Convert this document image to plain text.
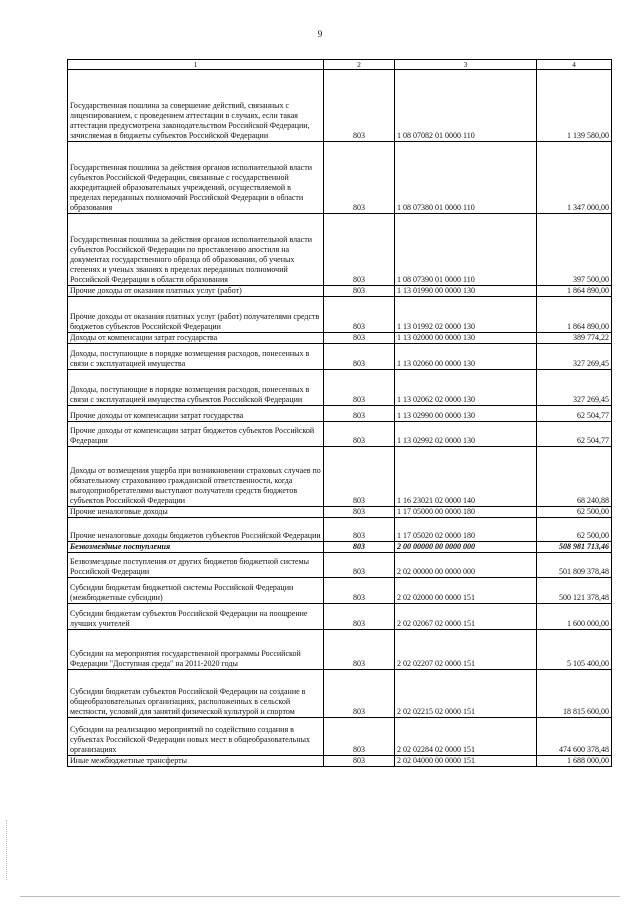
9
1	2	3	4
Государственная пошлина за совершение действий, связанных с лицензированием, с проведением аттестации в случаях, если такая аттестация предусмотрена законодательством Российской Федерации, зачисляемая в бюджеты субъектов Российской Федерации	803	1 08 07082 01 0000 110	1 139 580,00
Государственная пошлина за действия органов исполнительной власти субъектов Российской Федерации, связанные с государственной аккредитацией образовательных учреждений, осуществляемой в пределах переданных полномочий Российской Федерации в области образования	803	1 08 07380 01 0000 110	1 347 000,00
Государственная пошлина за действия органов исполнительной власти субъектов Российской Федерации по проставлению апостиля на документах государственного образца об образовании, об ученых степенях и ученых званиях в пределах переданных полномочий Российской Федерации в области образования	803	1 08 07390 01 0000 110	397 500,00
Прочие доходы от оказания платных услуг (работ)	803	1 13 01990 00 0000 130	1 864 890,00
Прочие доходы от оказания платных услуг (работ) получателями средств бюджетов субъектов Российской Федерации	803	1 13 01992 02 0000 130	1 864 890,00
Доходы от компенсации затрат государства	803	1 13 02000 00 0000 130	389 774,22
Доходы, поступающие в порядке возмещения расходов, понесенных в связи с эксплуатацией имущества	803	1 13 02060 00 0000 130	327 269,45
Доходы, поступающие в порядке возмещения расходов, понесенных в связи с эксплуатацией имущества субъектов Российской Федерации	803	1 13 02062 02 0000 130	327 269,45
Прочие доходы от компенсации затрат государства	803	1 13 02990 00 0000 130	62 504,77
Прочие доходы от компенсации затрат бюджетов субъектов Российской Федерации	803	1 13 02992 02 0000 130	62 504,77
Доходы от возмещения ущерба при возникновении страховых случаев по обязательному страхованию гражданской ответственности, когда выгодоприобретателями выступают получатели средств бюджетов субъектов Российской Федерации	803	1 16 23021 02 0000 140	68 240,88
Прочие неналоговые доходы	803	1 17 05000 00 0000 180	62 500,00
Прочие неналоговые доходы бюджетов субъектов Российской Федерации	803	1 17 05020 02 0000 180	62 500,00
Безвозмездные поступления	803	2 00 00000 00 0000 000	508 981 713,46
Безвозмездные поступления от других бюджетов бюджетной системы Российской Федерации	803	2 02 00000 00 0000 000	501 809 378,48
Субсидии бюджетам бюджетной системы Российской Федерации (межбюджетные субсидии)	803	2 02 02000 00 0000 151	500 121 378,48
Субсидии бюджетам субъектов Российской Федерации на поощрение лучших учителей	803	2 02 02067 02 0000 151	1 600 000,00
Субсидии на мероприятия государственной программы Российской Федерации "Доступная среда" на 2011-2020 годы	803	2 02 02207 02 0000 151	5 105 400,00
Субсидии бюджетам субъектов Российской Федерации на создание в общеобразовательных организациях, расположенных в сельской местности, условий для занятий физической культурой и спортом	803	2 02 02215 02 0000 151	18 815 600,00
Субсидии на реализацию мероприятий по содействию создания в субъектах Российской Федерации новых мест в общеобразовательных организациях	803	2 02 02284 02 0000 151	474 600 378,48
Иные межбюджетные трансферты	803	2 02 04000 00 0000 151	1 688 000,00
